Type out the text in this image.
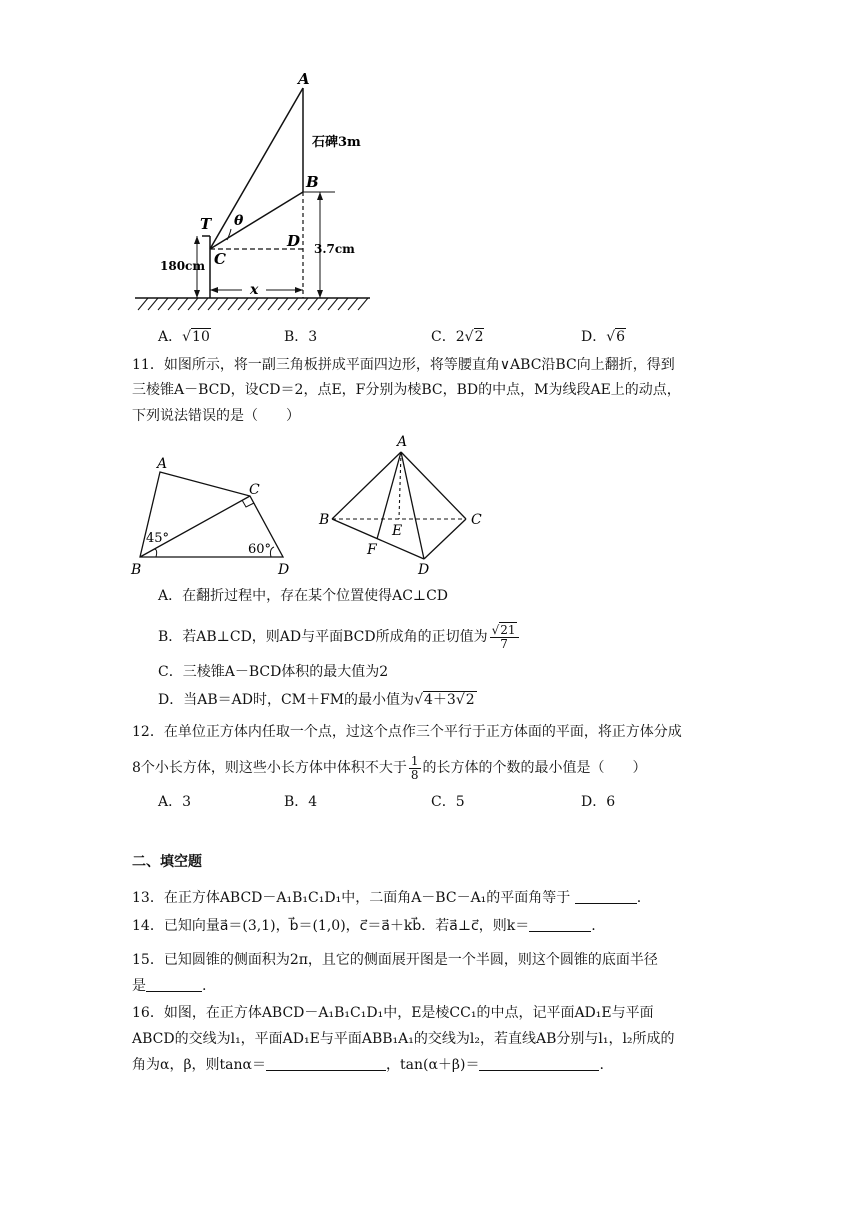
A
石碑3m
B
T θ
D
C
180cm
3.7cm
x
A．√10	B．3	C．2√2	D．√6
11．如图所示，将一副三角板拼成平面四边形，将等腰直角∨ABC沿BC向上翻折，得到
三棱锥A－BCD，设CD＝2，点E，F分别为棱BC，BD的中点，M为线段AE上的动点，
下列说法错误的是（　　）
A
C
B	D
45°
60°
A
B	C
E
F
D
A．在翻折过程中，存在某个位置使得AC⊥CD
B．若AB⊥CD，则AD与平面BCD所成角的正切值为 $\frac{√21}{7}$
C．三棱锥A－BCD体积的最大值为2
D．当AB＝AD时，CM＋FM的最小值为√4＋3√2
12．在单位正方体内任取一个点，过这个点作三个平行于正方体面的平面，将正方体分成
8个小长方体，则这些小长方体中体积不大于 $\frac{1}{8}$ 的长方体的个数的最小值是（　　）
A．3	B．4	C．5	D．6
二、填空题
13．在正方体ABCD－A₁B₁C₁D₁中，二面角A－BC－A₁的平面角等于	.
14．已知向量a⃗＝(3,1)，b⃗＝(1,0)，c⃗＝a⃗＋kb⃗．若a⃗⊥c⃗，则k＝	.
15．已知圆锥的侧面积为2π，且它的侧面展开图是一个半圆，则这个圆锥的底面半径
是	.
16．如图，在正方体ABCD－A₁B₁C₁D₁中，E是棱CC₁的中点，记平面AD₁E与平面
ABCD的交线为l₁，平面AD₁E与平面ABB₁A₁的交线为l₂，若直线AB分别与l₁，l₂所成的
角为α，β，则tanα＝	，tan(α＋β)＝	.
